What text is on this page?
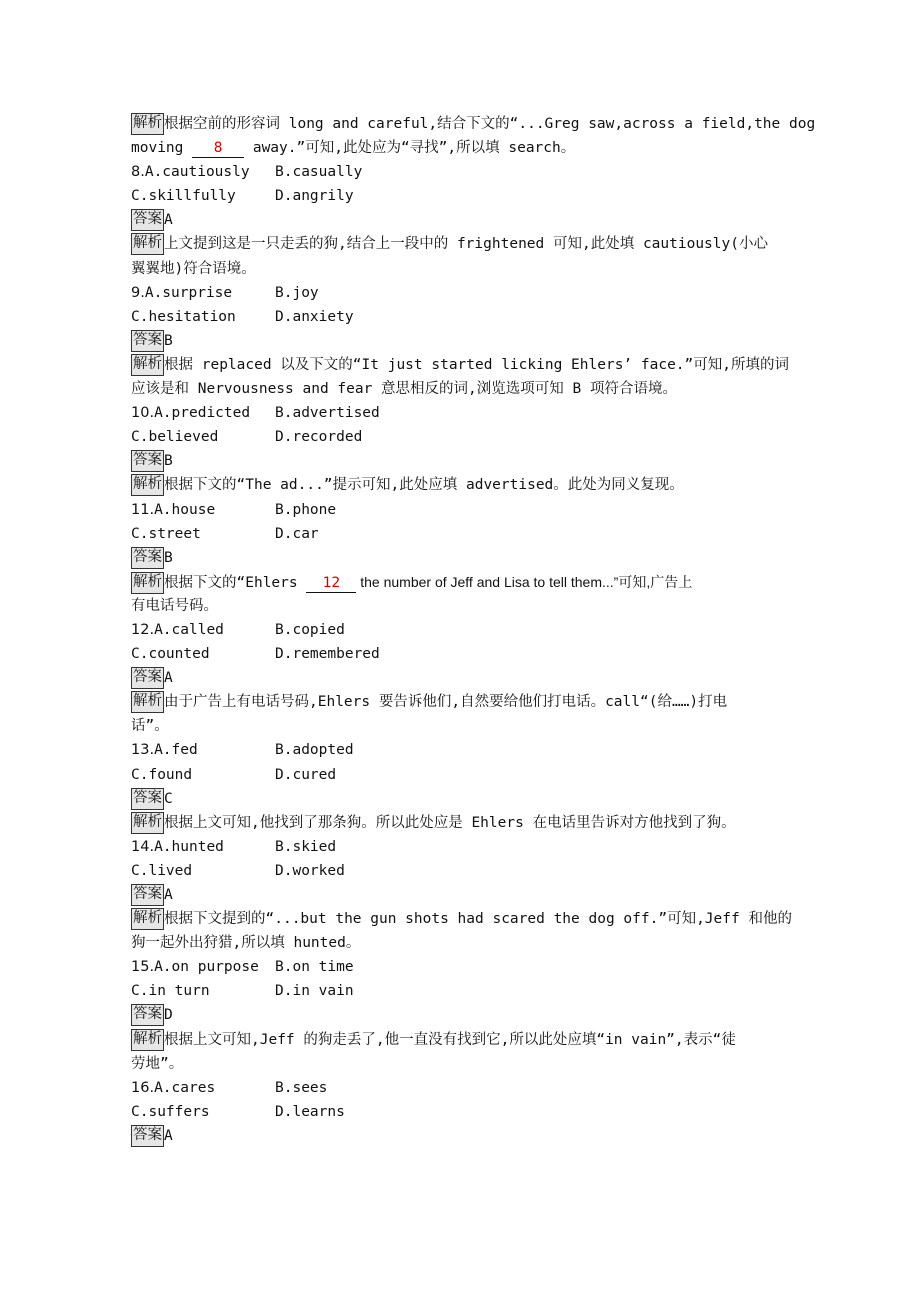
解析 根据空前的形容词 long and careful,结合下文的“...Greg saw,across a field,the dog
moving 8 away.”可知,此处应为“寻找”,所以填 search。
8.A.cautiously B.casually
C.skillfully	D.angrily
答案 A
解析 上文提到这是一只走丢的狗,结合上一段中的 frightened 可知,此处填 cautiously(小心
翼翼地)符合语境。
9.A.surprise	B.joy
C.hesitation	D.anxiety
答案 B
解析 根据 replaced 以及下文的“It just started licking Ehlers’ face.”可知,所填的词
应该是和 Nervousness and fear 意思相反的词,浏览选项可知 B 项符合语境。
10.A.predicted B.advertised
C.believed	D.recorded
答案 B
解析 根据下文的“The ad...”提示可知,此处应填 advertised。此处为同义复现。
11.A.house	B.phone
C.street	D.car
答案 B
解析 根据下文的“Ehlers 12 the number of Jeff and Lisa to tell them...”可知,广告上
有电话号码。
12.A.called	B.copied
C.counted	D.remembered
答案 A
解析 由于广告上有电话号码,Ehlers 要告诉他们,自然要给他们打电话。call“(给……)打电
话”。
13.A.fed	B.adopted
C.found	D.cured
答案 C
解析 根据上文可知,他找到了那条狗。所以此处应是 Ehlers 在电话里告诉对方他找到了狗。
14.A.hunted	B.skied
C.lived	D.worked
答案 A
解析 根据下文提到的“...but the gun shots had scared the dog off.”可知,Jeff 和他的
狗一起外出狩猎,所以填 hunted。
15.A.on purpose B.on time
C.in turn	D.in vain
答案 D
解析 根据上文可知,Jeff 的狗走丢了,他一直没有找到它,所以此处应填“in vain”,表示“徒
劳地”。
16.A.cares	B.sees
C.suffers	D.learns
答案 A
